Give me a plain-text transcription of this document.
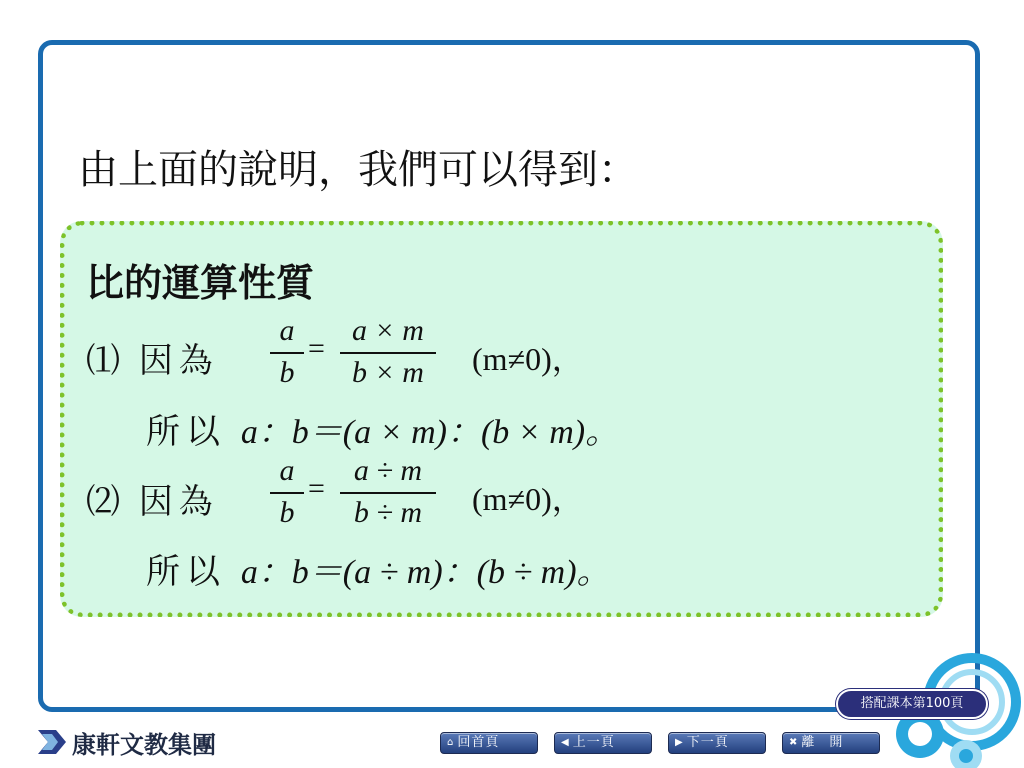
由上面的說明，我們可以得到：
比的運算性質
⑴ 因為
a
b
=
a × m
b × m	(m≠0)，
所以 a：b＝(a × m)：(b × m)。
⑵ 因為
a
b
=
a ÷ m
b ÷ m	(m≠0)，
所以 a：b＝(a ÷ m)：(b ÷ m)。
搭配課本第100頁
康軒文教集團	⌂ 回首頁	◀ 上一頁	▶ 下一頁	✖ 離　開
